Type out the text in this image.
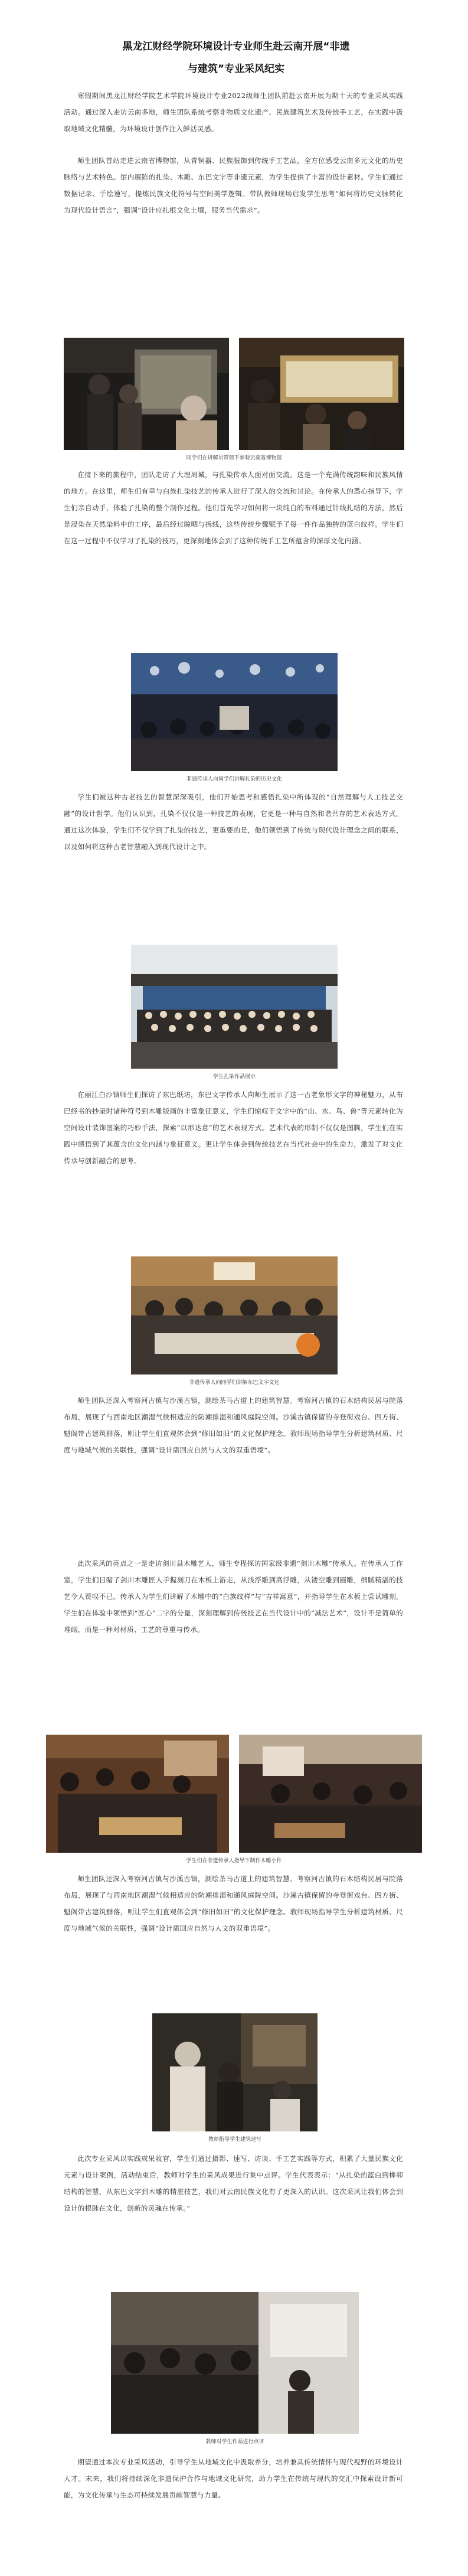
黑龙江财经学院环境设计专业师生赴云南开展“非遗
与建筑”专业采风纪实
寒假期间黑龙江财经学院艺术学院环境设计专业2022级师生团队前赴云南开展为期十天的专业采风实践活动。通过深入走访云南多地，师生团队系统考察非物质文化遗产、民族建筑艺术及传统手工艺，在实践中汲取地域文化精髓，为环境设计创作注入鲜活灵感。
师生团队首站走进云南省博物馆，从青铜器、民族服饰到传统手工艺品，全方位感受云南多元文化的历史脉络与艺术特色。馆内展陈的扎染、木雕、东巴文字等非遗元素，为学生提供了丰富的设计素材。学生们通过数据记录、手绘速写，提炼民族文化符号与空间美学逻辑。带队教师现场启发学生思考“如何将历史文脉转化为现代设计语言”，强调“设计应扎根文化土壤，服务当代需求”。
同学们在讲解员带领下参观云南省博物馆
在接下来的旅程中，团队走访了大理周城，与扎染传承人面对面交流。这是一个充满传统韵味和民族风情的地方。在这里，师生们有幸与白族扎染技艺的传承人进行了深入的交流和讨论。在传承人的悉心指导下，学生们亲自动手，体验了扎染的整个制作过程。他们首先学习如何将一块纯白的布料通过针线扎结的方法，然后是浸染在天然染料中的工序，最后经过晾晒与拆线，这些传统步骤赋予了每一件作品独特的蓝白纹样。学生们在这一过程中不仅学习了扎染的技巧，更深刻地体会到了这种传统手工艺所蕴含的深厚文化内涵。
非遗传承人向同学们讲解扎染的历史文化
学生们被这种古老技艺的智慧深深吸引，他们开始思考和感悟扎染中所体现的“自然理解与人工技艺交融”的设计哲学。他们认识到，扎染不仅仅是一种技艺的表现，它更是一种与自然和谐共存的艺术表达方式。通过这次体验，学生们不仅学到了扎染的技艺，更重要的是，他们领悟到了传统与现代设计理念之间的联系，以及如何将这种古老智慧融入到现代设计之中。
学生扎染作品展示
在丽江白沙镇师生们探访了东巴纸坊，东巴文字传承人向师生展示了这一古老象形文字的神秘魅力，从布巴经书的抄录时诸种符号到木雕版画的丰富象征意义，学生们惊叹于文字中的“山、水、鸟、兽”等元素转化为空间设计装饰图案的巧妙手法，探索“以形达意”的艺术表现方式。艺术代表的形制不仅仅是图腾，学生们在实践中感悟到了其蕴含的文化内涵与象征意义。更让学生体会到传统技艺在当代社会中的生命力，激发了对文化传承与创新融合的思考。
非遗传承人向同学们讲解东巴文字文化
师生团队还深入考察河古镇与沙溪古镇，测绘茶马古道上的建筑智慧。考察河古镇的石木结构民居与院落布局，展现了与西南地区潮湿气候相适应的防潮排湿和通风庭院空间。沙溪古镇保留的寺登街戏台、四方街、魁阁带古建筑群落，则让学生们直观体会到“修旧如旧”的文化保护理念。教师现场指导学生分析建筑材质、尺度与地域气候的关联性，强调“设计需回应自然与人文的双重语境”。
此次采风的亮点之一是走访剑川县木雕艺人，师生专程探访国家级非遗“剑川木雕”传承人。在传承人工作室，学生们目睹了剑川木雕匠人手握刻刀在木板上游走，从浅浮雕到高浮雕，从镂空雕到圆雕，细腻精湛的技艺令人赞叹不已。传承人为学生们讲解了木雕中的“白族纹样”与“吉祥寓意”，并指导学生在木板上尝试雕刻。学生们在体验中领悟到“匠心”二字的分量，深刻理解到传统技艺在当代设计中的“减法艺术”，设计不是简单的堆砌，而是一种对材质、工艺的尊重与传承。
学生们在非遗传承人指导下制作木雕小件
师生团队还深入考察河古镇与沙溪古镇，测绘茶马古道上的建筑智慧。考察河古镇的石木结构民居与院落布局，展现了与西南地区潮湿气候相适应的防潮排湿和通风庭院空间。沙溪古镇保留的寺登街戏台、四方街、魁阁带古建筑群落，则让学生们直观体会到“修旧如旧”的文化保护理念。教师现场指导学生分析建筑材质、尺度与地域气候的关联性，强调“设计需回应自然与人文的双重语境”。
教师指导学生建筑速写
此次专业采风以实践成果收官，学生们通过摄影、速写、访谈、手工艺实践等方式，积累了大量民族文化元素与设计案例，活动结束后，教师对学生的采风成果进行集中点评。学生代表表示：“从扎染的蓝白到榫卯结构的智慧，从东巴文字到木雕的精湛技艺，我们对云南民族文化有了更深入的认识。这次采风让我们体会到设计的根脉在文化，创新的灵魂在传承。”
教师对学生作品进行点评
期望通过本次专业采风活动，引导学生从地域文化中汲取养分，培养兼具传统情怀与现代视野的环境设计人才。未来，我们将持续深化非遗保护合作与地域文化研究，助力学生在传统与现代的交汇中探索设计新可能，为文化传承与生态可持续发展贡献智慧与力量。
